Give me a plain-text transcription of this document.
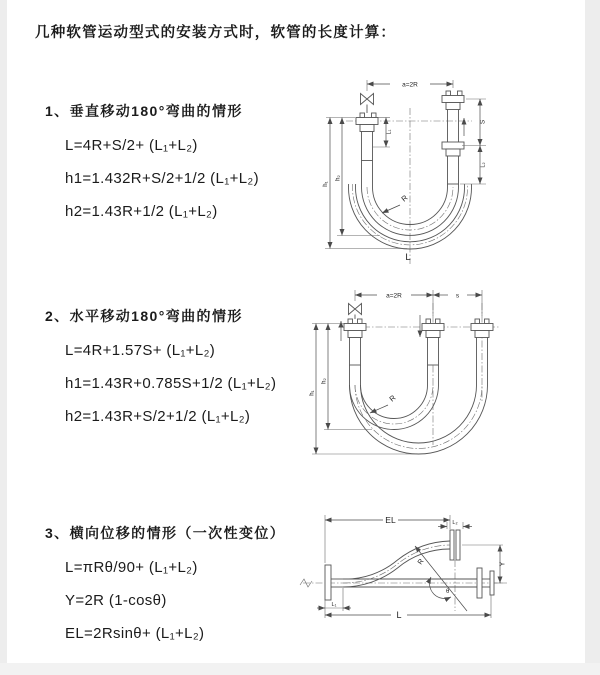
几种软管运动型式的安装方式时，软管的长度计算：
1、垂直移动180°弯曲的情形
L=4R+S/2+ (L₁+L₂)
h1=1.432R+S/2+1/2 (L₁+L₂)
h2=1.43R+1/2 (L₁+L₂)
2、水平移动180°弯曲的情形
L=4R+1.57S+ (L₁+L₂)
h1=1.43R+0.785S+1/2 (L₁+L₂)
h2=1.43R+S/2+1/2 (L₁+L₂)
3、横向位移的情形（一次性变位）
L=πRθ/90+ (L₁+L₂)
Y=2R (1-cosθ)
EL=2Rsinθ+ (L₁+L₂)
a=2R
S
L₂
L₁
h₁
h₂
R
L
a=2R	s
h₁
h₂
R
EL	L₂
Y
R
θ
L
L₁
